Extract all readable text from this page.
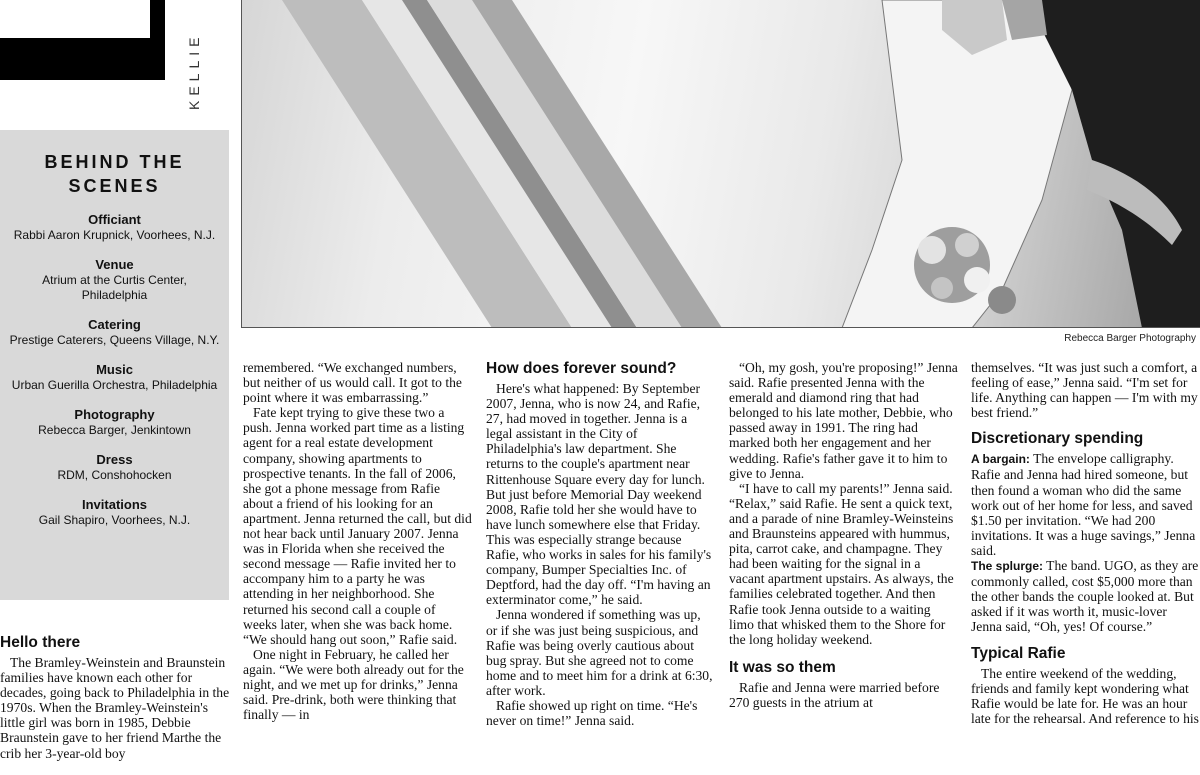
KELLIE
Rebecca Barger Photography
BEHIND THE SCENES
Officiant
Rabbi Aaron Krupnick, Voorhees, N.J.
Venue
Atrium at the Curtis Center, Philadelphia
Catering
Prestige Caterers, Queens Village, N.Y.
Music
Urban Guerilla Orchestra, Philadelphia
Photography
Rebecca Barger, Jenkintown
Dress
RDM, Conshohocken
Invitations
Gail Shapiro, Voorhees, N.J.
Hello there

The Bramley-Weinstein and Braunstein families have known each other for decades, going back to Philadelphia in the 1970s. When the Bramley-Weinstein's little girl was born in 1985, Debbie Braunstein gave to her friend Marthe the crib her 3-year-old boy

remembered. “We exchanged numbers, but neither of us would call. It got to the point where it was embarrassing.”

Fate kept trying to give these two a push. Jenna worked part time as a listing agent for a real estate development company, showing apartments to prospective tenants. In the fall of 2006, she got a phone message from Rafie about a friend of his looking for an apartment. Jenna returned the call, but did not hear back until January 2007. Jenna was in Florida when she received the second message — Rafie invited her to accompany him to a party he was attending in her neighborhood. She returned his second call a couple of weeks later, when she was back home. “We should hang out soon,” Rafie said.

One night in February, he called her again. “We were both already out for the night, and we met up for drinks,” Jenna said. Pre-drink, both were thinking that finally — in

How does forever sound?

Here's what happened: By September 2007, Jenna, who is now 24, and Rafie, 27, had moved in together. Jenna is a legal assistant in the City of Philadelphia's law department. She returns to the couple's apartment near Rittenhouse Square every day for lunch. But just before Memorial Day weekend 2008, Rafie told her she would have to have lunch somewhere else that Friday. This was especially strange because Rafie, who works in sales for his family's company, Bumper Specialties Inc. of Deptford, had the day off. “I'm having an exterminator come,” he said.

Jenna wondered if something was up, or if she was just being suspicious, and Rafie was being overly cautious about bug spray. But she agreed not to come home and to meet him for a drink at 6:30, after work.

Rafie showed up right on time. “He's never on time!” Jenna said.

“Oh, my gosh, you're proposing!” Jenna said. Rafie presented Jenna with the emerald and diamond ring that had belonged to his late mother, Debbie, who passed away in 1991. The ring had marked both her engagement and her wedding. Rafie's father gave it to him to give to Jenna.

“I have to call my parents!” Jenna said. “Relax,” said Rafie. He sent a quick text, and a parade of nine Bramley-Weinsteins and Braunsteins appeared with hummus, pita, carrot cake, and champagne. They had been waiting for the signal in a vacant apartment upstairs. As always, the families celebrated together. And then Rafie took Jenna outside to a waiting limo that whisked them to the Shore for the long holiday weekend.

It was so them

Rafie and Jenna were married before 270 guests in the atrium at

themselves. “It was just such a comfort, a feeling of ease,” Jenna said. “I'm set for life. Anything can happen — I'm with my best friend.”

Discretionary spending

A bargain: The envelope calligraphy. Rafie and Jenna had hired someone, but then found a woman who did the same work out of her home for less, and saved $1.50 per invitation. “We had 200 invitations. It was a huge savings,” Jenna said.

The splurge: The band. UGO, as they are commonly called, cost $5,000 more than the other bands the couple looked at. But asked if it was worth it, music-lover Jenna said, “Oh, yes! Of course.”

Typical Rafie

The entire weekend of the wedding, friends and family kept wondering what Rafie would be late for. He was an hour late for the rehearsal. And reference to his
